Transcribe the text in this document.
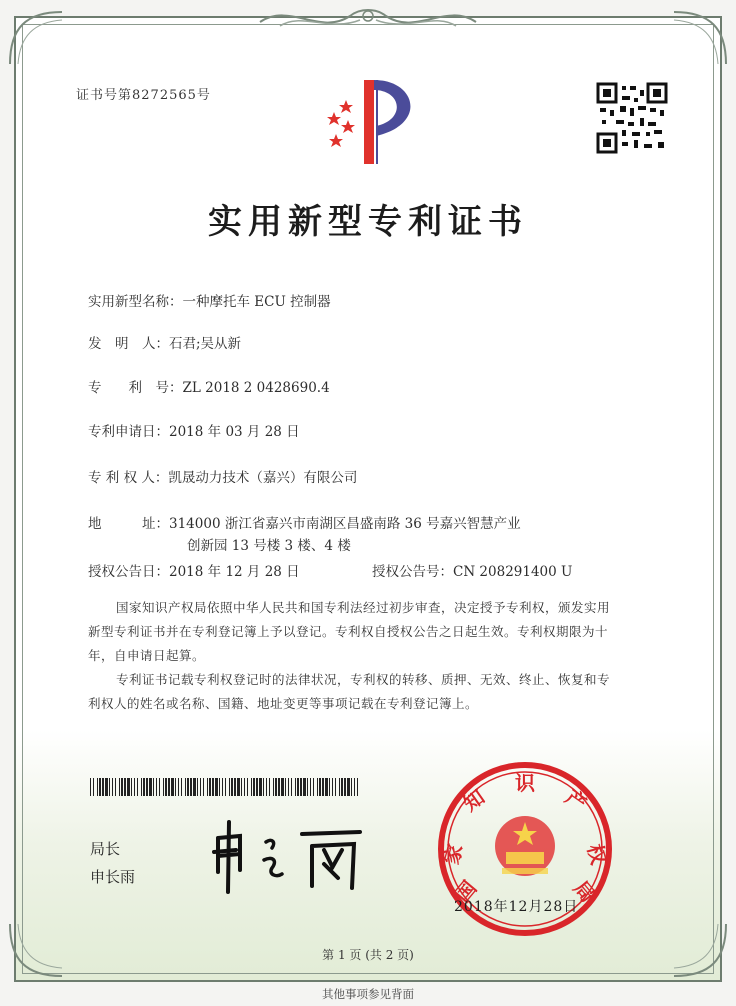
证书号第8272565号
实用新型专利证书
实用新型名称：一种摩托车 ECU 控制器
发　明　人：石君;吴从新
专　　利　号：ZL 2018 2 0428690.4
专利申请日：2018 年 03 月 28 日
专 利 权 人：凯晟动力技术（嘉兴）有限公司
地　　　址：314000 浙江省嘉兴市南湖区昌盛南路 36 号嘉兴智慧产业
创新园 13 号楼 3 楼、4 楼
授权公告日：2018 年 12 月 28 日	授权公告号：CN 208291400 U
国家知识产权局依照中华人民共和国专利法经过初步审查，决定授予专利权，颁发实用
新型专利证书并在专利登记簿上予以登记。专利权自授权公告之日起生效。专利权期限为十
年，自申请日起算。
专利证书记载专利权登记时的法律状况，专利权的转移、质押、无效、终止、恢复和专
利权人的姓名或名称、国籍、地址变更等事项记载在专利登记簿上。
局长
申长雨	国
家
知
识
产
权
局
2018年12月28日
第 1 页 (共 2 页)
其他事项参见背面
